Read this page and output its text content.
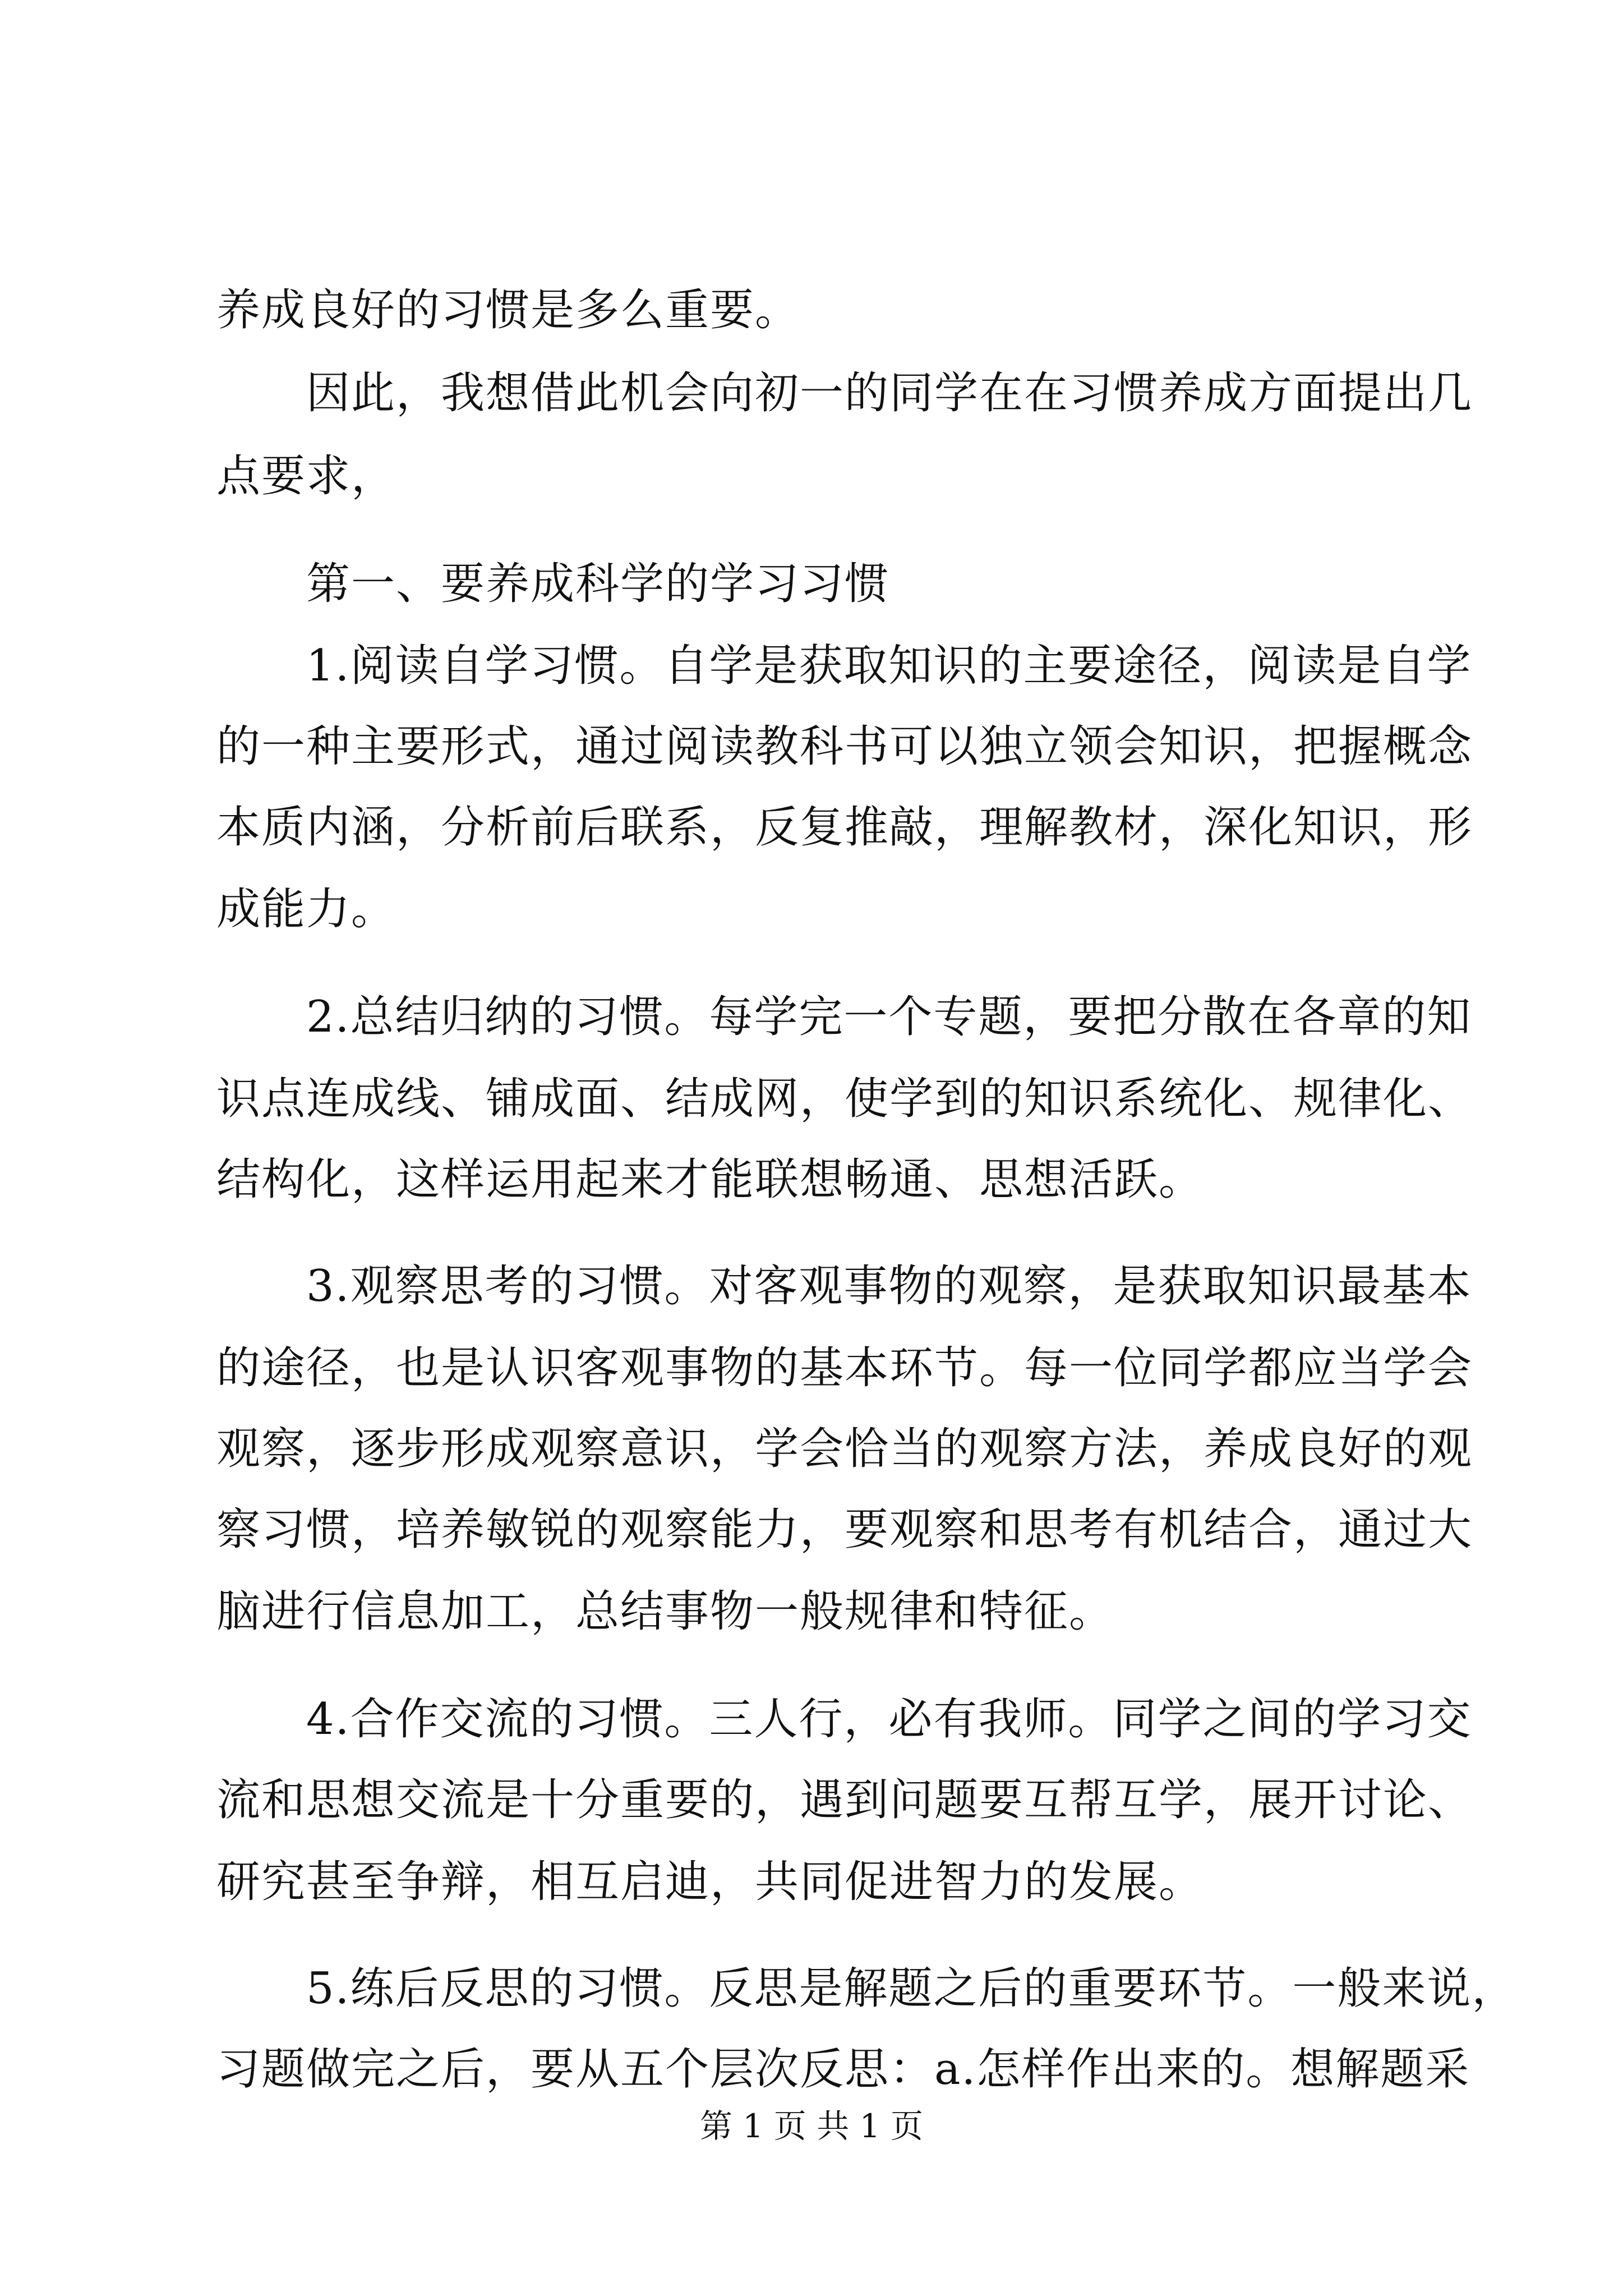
养成良好的习惯是多么重要。
因此，我想借此机会向初一的同学在在习惯养成方面提出几
点要求，
第一、要养成科学的学习习惯
1.阅读自学习惯。自学是获取知识的主要途径，阅读是自学
的一种主要形式，通过阅读教科书可以独立领会知识，把握概念
本质内涵，分析前后联系，反复推敲，理解教材，深化知识，形
成能力。
2.总结归纳的习惯。每学完一个专题，要把分散在各章的知
识点连成线、铺成面、结成网，使学到的知识系统化、规律化、
结构化，这样运用起来才能联想畅通、思想活跃。
3.观察思考的习惯。对客观事物的观察，是获取知识最基本
的途径，也是认识客观事物的基本环节。每一位同学都应当学会
观察，逐步形成观察意识，学会恰当的观察方法，养成良好的观
察习惯，培养敏锐的观察能力，要观察和思考有机结合，通过大
脑进行信息加工，总结事物一般规律和特征。
4.合作交流的习惯。三人行，必有我师。同学之间的学习交
流和思想交流是十分重要的，遇到问题要互帮互学，展开讨论、
研究甚至争辩，相互启迪，共同促进智力的发展。
5.练后反思的习惯。反思是解题之后的重要环节。一般来说，
习题做完之后，要从五个层次反思：a.怎样作出来的。想解题采
第 1 页 共 1 页
